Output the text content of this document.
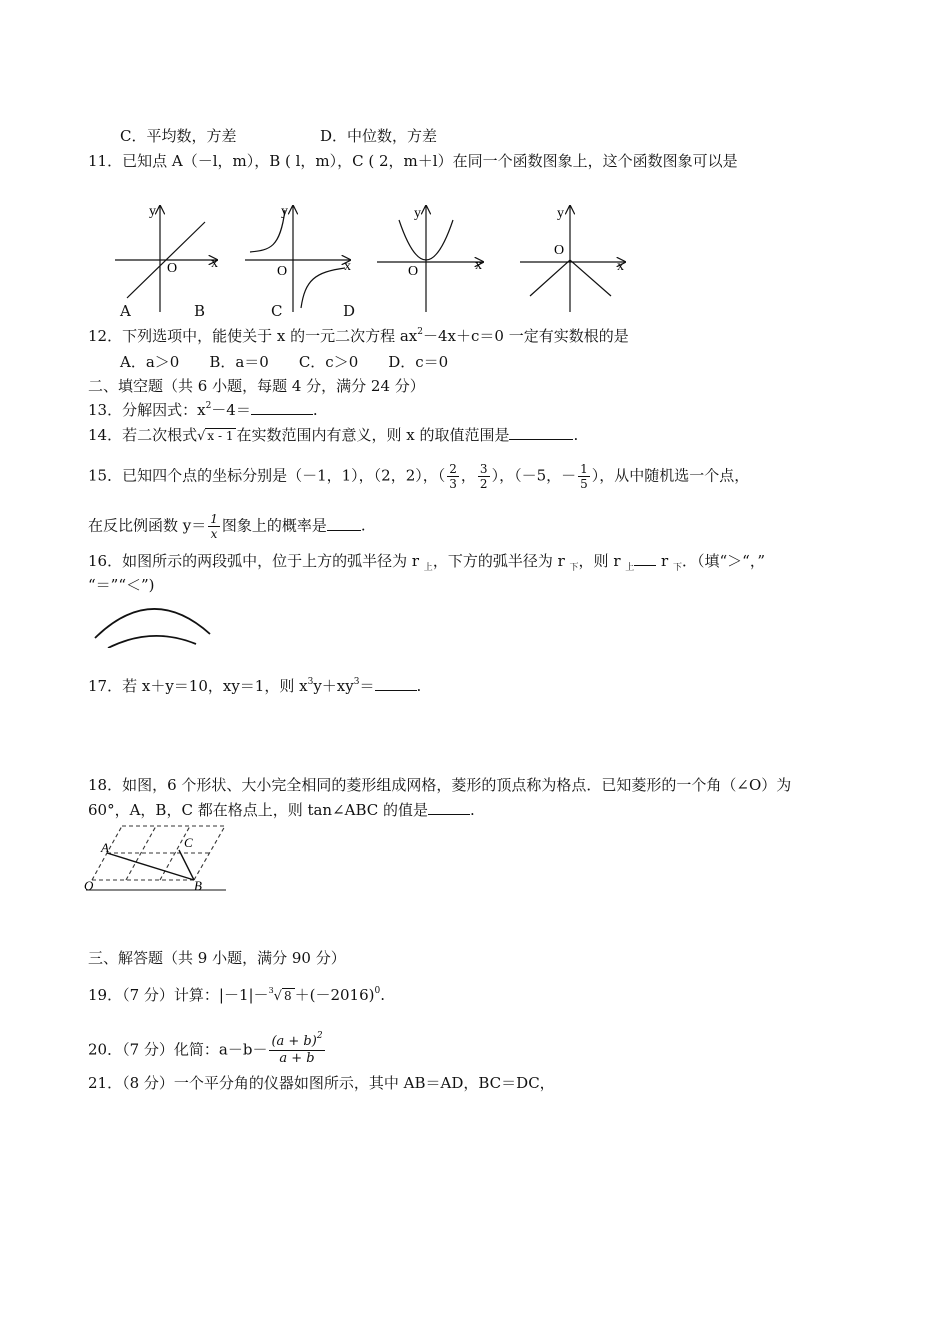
C．平均数，方差	D．中位数，方差
11．已知点 A（－l，m），B ( l，m），C ( 2，m＋l）在同一个函数图象上，这个函数图象可以是
y
x
O
y
x
O
y
x
O
y
x
O
A	B	C	D
12．下列选项中，能使关于 x 的一元二次方程 $ax^2-4x+c=0$ 一定有实数根的是
A．a＞0　　B．a＝0　　C．c＞0　　D．c＝0
二、填空题（共 6 小题，每题 4 分，满分 24 分）
13．分解因式：$x^2-4=$	.
14．若二次根式√ x - 1 在实数范围内有意义，则 x 的取值范围是	.
15．已知四个点的坐标分别是（－1，1），（2，2），（ $\frac{2}{3}$ ， $\frac{3}{2}$ ），（－5，－ $\frac{1}{5}$ ），从中随机选一个点，
在反比例函数 $y= \frac{1}{x}$ 图象上的概率是 .
16．如图所示的两段弧中，位于上方的弧半径为 r $_上$，下方的弧半径为 r $_下$，则 r $_上$ r $_下$．（填“＞“，”
“＝”“＜”)
17．若 x＋y＝10，xy＝1，则 $x^3y+xy^3=$	.
18．如图，6 个形状、大小完全相同的菱形组成网格，菱形的顶点称为格点．已知菱形的一个角（∠O）为
60°，A，B，C 都在格点上，则 tan∠ABC 的值是	.
A
B
C
O
三、解答题（共 9 小题，满分 90 分）
19．（7 分）计算：|－1|－$^3$√ $8 +(-2016)^0$.
20．（7 分）化简：$a-b- \frac{(a + b)^2}{a + b}$
21．（8 分）一个平分角的仪器如图所示，其中 AB＝AD，BC＝DC，
